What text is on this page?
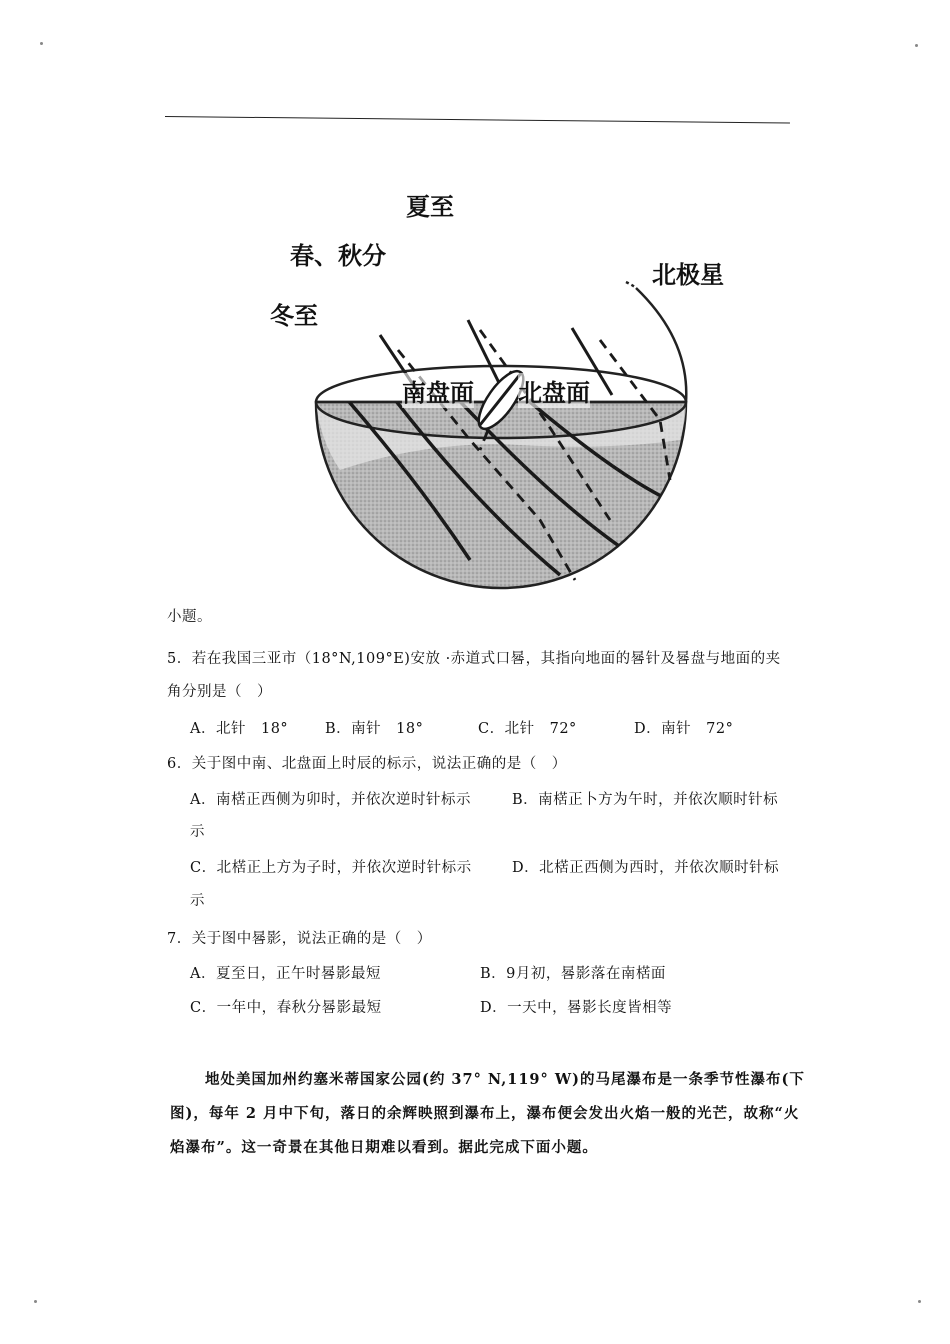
夏至
春、秋分
冬至
北极星
南盘面 北盘面
小题。
5．若在我国三亚市（18°N,109°E)安放 ·赤道式口晷，其指向地面的晷针及晷盘与地面的夹
角分别是（　）
A．北针　18°	B．南针　18°	C．北针　72°	D．南针　72°
6．关于图中南、北盘面上时辰的标示，说法正确的是（　）
A．南楛正西侧为卯时，并依次逆时针标示	B．南楛正卜方为午时，并依次顺时针标
示
C．北楛正上方为子时，并依次逆时针标示	D．北楛正西侧为西时，并依次顺时针标
示
7．关于图中晷影，说法正确的是（　）
A．夏至日，正午时晷影最短	B．9月初，晷影落在南楛面
C．一年中，春秋分晷影最短	D．一天中，晷影长度皆相等
地处美国加州约塞米蒂国家公园(约 37° N,119° W)的马尾瀑布是一条季节性瀑布(下
图)，每年 2 月中下旬，落日的余辉映照到瀑布上，瀑布便会发出火焰一般的光芒，故称“火
焰瀑布”。这一奇景在其他日期难以看到。据此完成下面小题。
